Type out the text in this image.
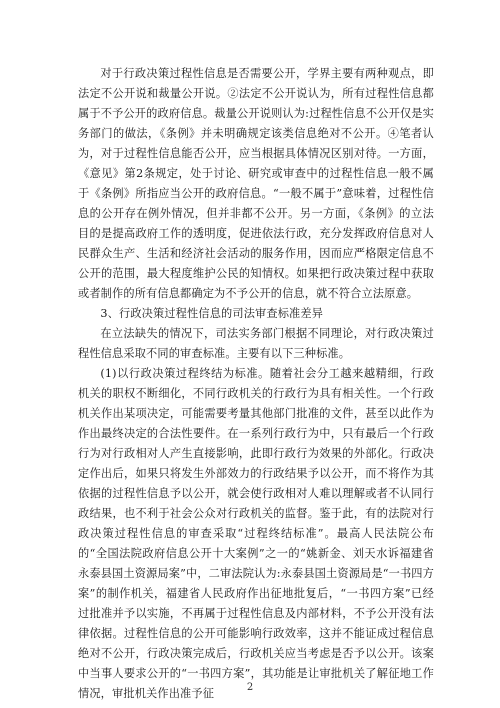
对于行政决策过程性信息是否需要公开，学界主要有两种观点，即法定不公开说和裁量公开说。②法定不公开说认为，所有过程性信息都属于不予公开的政府信息。裁量公开说则认为:过程性信息不公开仅是实务部门的做法，《条例》并未明确规定该类信息绝对不公开。④笔者认为，对于过程性信息能否公开，应当根据具体情况区别对待。一方面，《意见》第2条规定，处于讨论、研究或审查中的过程性信息一般不属于《条例》所指应当公开的政府信息。“一般不属于”意味着，过程性信息的公开存在例外情况，但并非都不公开。另一方面，《条例》的立法目的是提高政府工作的透明度，促进依法行政，充分发挥政府信息对人民群众生产、生活和经济社会活动的服务作用，因而应严格限定信息不公开的范围，最大程度维护公民的知情权。如果把行政决策过程中获取或者制作的所有信息都确定为不予公开的信息，就不符合立法原意。

3、行政决策过程性信息的司法审查标准差异

在立法缺失的情况下，司法实务部门根据不同理论，对行政决策过程性信息采取不同的审查标准。主要有以下三种标准。

(1)以行政决策过程终结为标准。随着社会分工越来越精细，行政机关的职权不断细化，不同行政机关的行政行为具有相关性。一个行政机关作出某项决定，可能需要考量其他部门批准的文件，甚至以此作为作出最终决定的合法性要件。在一系列行政行为中，只有最后一个行政行为对行政相对人产生直接影响，此即行政行为效果的外部化。行政决定作出后，如果只将发生外部效力的行政结果予以公开，而不将作为其依据的过程性信息予以公开，就会使行政相对人难以理解或者不认同行政结果，也不利于社会公众对行政机关的监督。鉴于此，有的法院对行政决策过程性信息的审查采取“过程终结标准”。最高人民法院公布的“全国法院政府信息公开十大案例”之一的“姚新金、刘天水诉福建省永泰县国土资源局案”中，二审法院认为:永泰县国土资源局是“一书四方案”的制作机关，福建省人民政府作出征地批复后，“一书四方案”已经过批准并予以实施，不再属于过程性信息及内部材料，不予公开没有法律依据。过程性信息的公开可能影响行政效率，这并不能证成过程信息绝对不公开，行政决策完成后，行政机关应当考虑是否予以公开。该案中当事人要求公开的“一书四方案”，其功能是让审批机关了解征地工作情况，审批机关作出准予征	2
